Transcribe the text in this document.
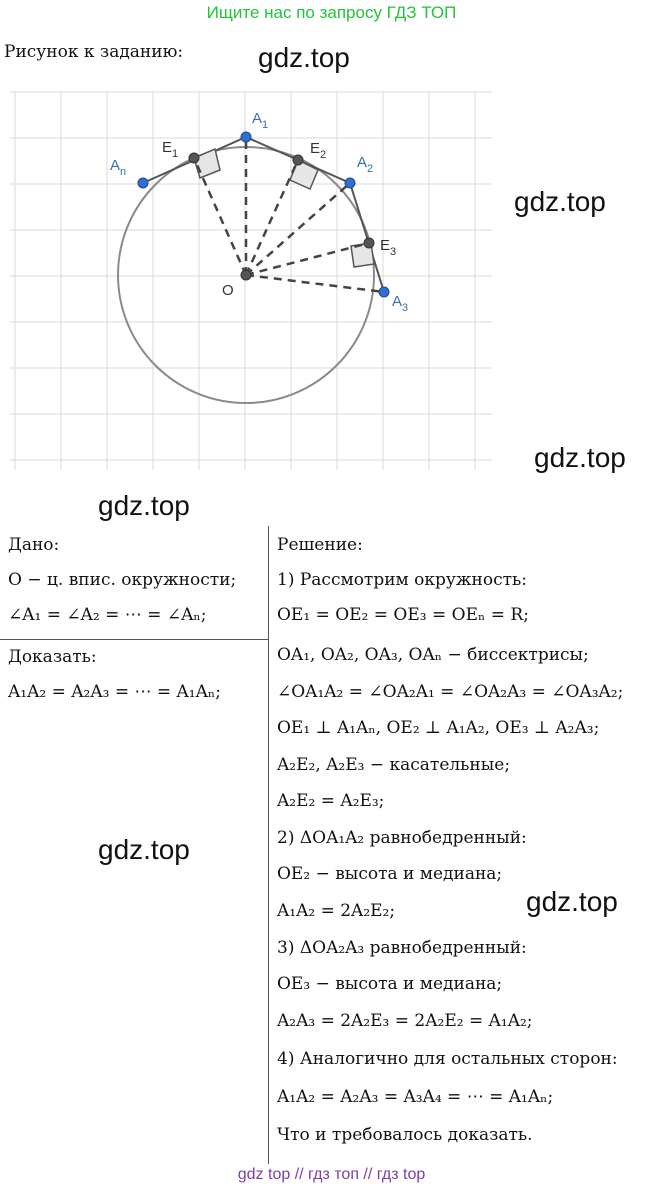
Ищите нас по запросу ГДЗ ТОП
Рисунок к заданию:	gdz.top
gdz.top
gdz.top
gdz.top
gdz.top
gdz.top
$A_n$
$E_1$
$A_1$
$E_2$ $A_2$
$E_3$
$A_3$
O
Дано:
O − ц. впис. окружности;
∠A₁ = ∠A₂ = ⋯ = ∠Aₙ;
Доказать:
A₁A₂ = A₂A₃ = ⋯ = A₁Aₙ;
Решение:
1) Рассмотрим окружность:
OE₁ = OE₂ = OE₃ = OEₙ = R;
OA₁, OA₂, OA₃, OAₙ − биссектрисы;
∠OA₁A₂ = ∠OA₂A₁ = ∠OA₂A₃ = ∠OA₃A₂;
OE₁ ⊥ A₁Aₙ, OE₂ ⊥ A₁A₂, OE₃ ⊥ A₂A₃;
A₂E₂, A₂E₃ − касательные;
A₂E₂ = A₂E₃;
2) ΔOA₁A₂ равнобедренный:
OE₂ − высота и медиана;
A₁A₂ = 2A₂E₂;
3) ΔOA₂A₃ равнобедренный:
OE₃ − высота и медиана;
A₂A₃ = 2A₂E₃ = 2A₂E₂ = A₁A₂;
4) Аналогично для остальных сторон:
A₁A₂ = A₂A₃ = A₃A₄ = ⋯ = A₁Aₙ;
Что и требовалось доказать.
gdz top // гдз топ // гдз top
